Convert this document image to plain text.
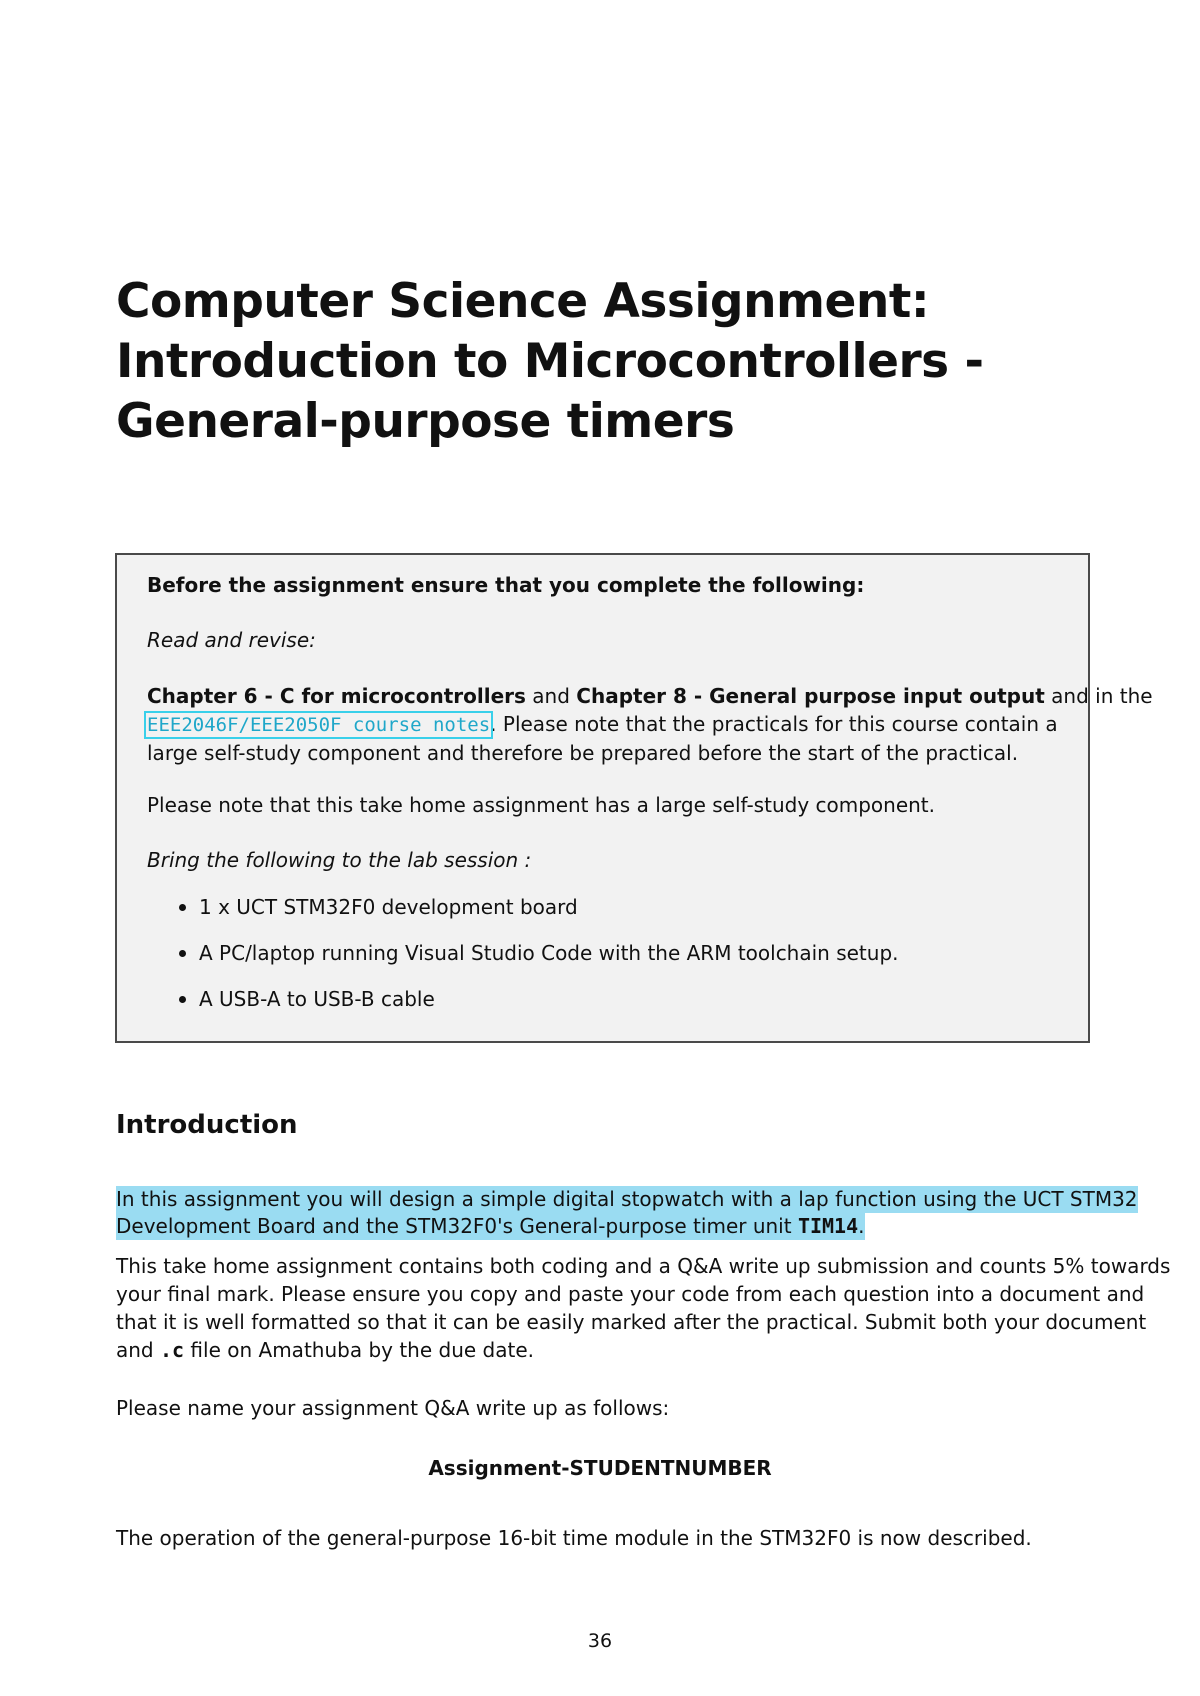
Computer Science Assignment:
Introduction to Microcontrollers -
General-purpose timers
Before the assignment ensure that you complete the following:
Read and revise:
Chapter 6 - C for microcontrollers and Chapter 8 - General purpose input output and in the
EEE2046F/EEE2050F course notes. Please note that the practicals for this course contain a
large self-study component and therefore be prepared before the start of the practical.
Please note that this take home assignment has a large self-study component.
Bring the following to the lab session :
1 x UCT STM32F0 development board
A PC/laptop running Visual Studio Code with the ARM toolchain setup.
A USB-A to USB-B cable
Introduction
In this assignment you will design a simple digital stopwatch with a lap function using the UCT STM32
Development Board and the STM32F0's General-purpose timer unit TIM14.
This take home assignment contains both coding and a Q&A write up submission and counts 5% towards
your final mark. Please ensure you copy and paste your code from each question into a document and
that it is well formatted so that it can be easily marked after the practical. Submit both your document
and .c file on Amathuba by the due date.
Please name your assignment Q&A write up as follows:
Assignment-STUDENTNUMBER
The operation of the general-purpose 16-bit time module in the STM32F0 is now described.
36
